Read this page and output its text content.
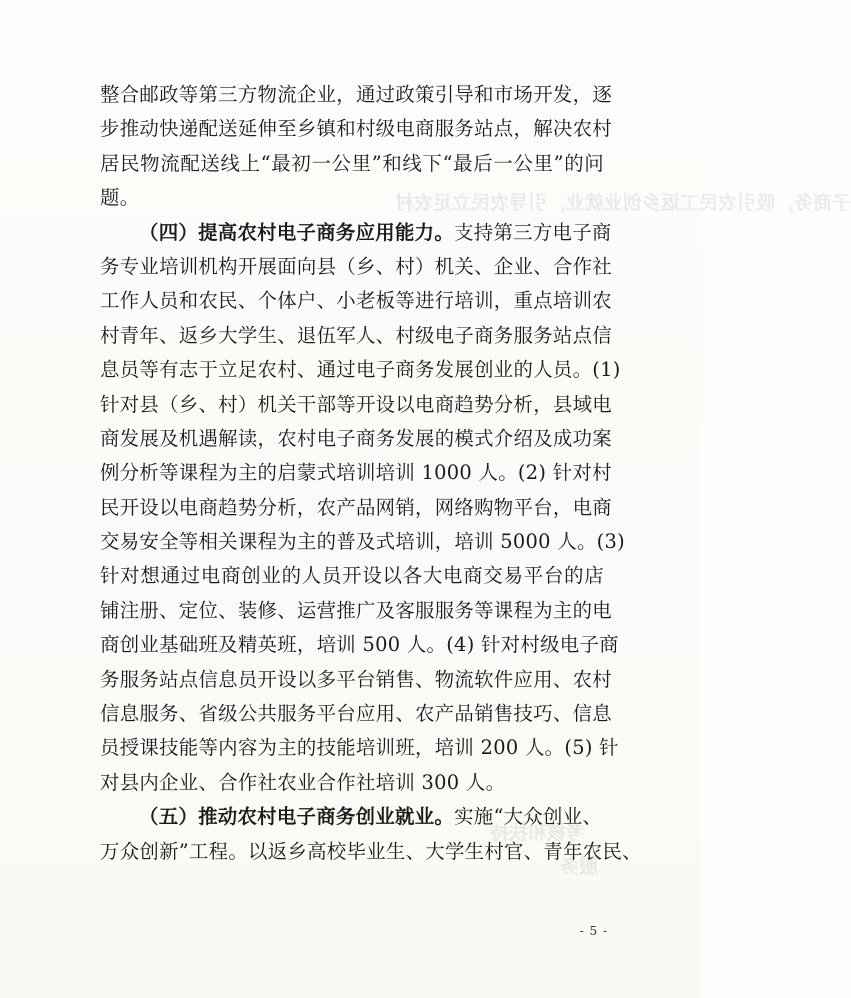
子商务，吸引农民工返乡创业就业，引导农民立足农村
考核和扶持
服务
整合邮政等第三方物流企业，通过政策引导和市场开发，逐
步推动快递配送延伸至乡镇和村级电商服务站点，解决农村
居民物流配送线上“最初一公里”和线下“最后一公里”的问
题。
（四）提高农村电子商务应用能力。支持第三方电子商
务专业培训机构开展面向县（乡、村）机关、企业、合作社
工作人员和农民、个体户、小老板等进行培训，重点培训农
村青年、返乡大学生、退伍军人、村级电子商务服务站点信
息员等有志于立足农村、通过电子商务发展创业的人员。(1)
针对县（乡、村）机关干部等开设以电商趋势分析，县域电
商发展及机遇解读，农村电子商务发展的模式介绍及成功案
例分析等课程为主的启蒙式培训培训 1000 人。(2) 针对村
民开设以电商趋势分析，农产品网销，网络购物平台，电商
交易安全等相关课程为主的普及式培训，培训 5000 人。(3)
针对想通过电商创业的人员开设以各大电商交易平台的店
铺注册、定位、装修、运营推广及客服服务等课程为主的电
商创业基础班及精英班，培训 500 人。(4) 针对村级电子商
务服务站点信息员开设以多平台销售、物流软件应用、农村
信息服务、省级公共服务平台应用、农产品销售技巧、信息
员授课技能等内容为主的技能培训班，培训 200 人。(5) 针
对县内企业、合作社农业合作社培训 300 人。
（五）推动农村电子商务创业就业。实施“大众创业、
万众创新”工程。以返乡高校毕业生、大学生村官、青年农民、
- 5 -
